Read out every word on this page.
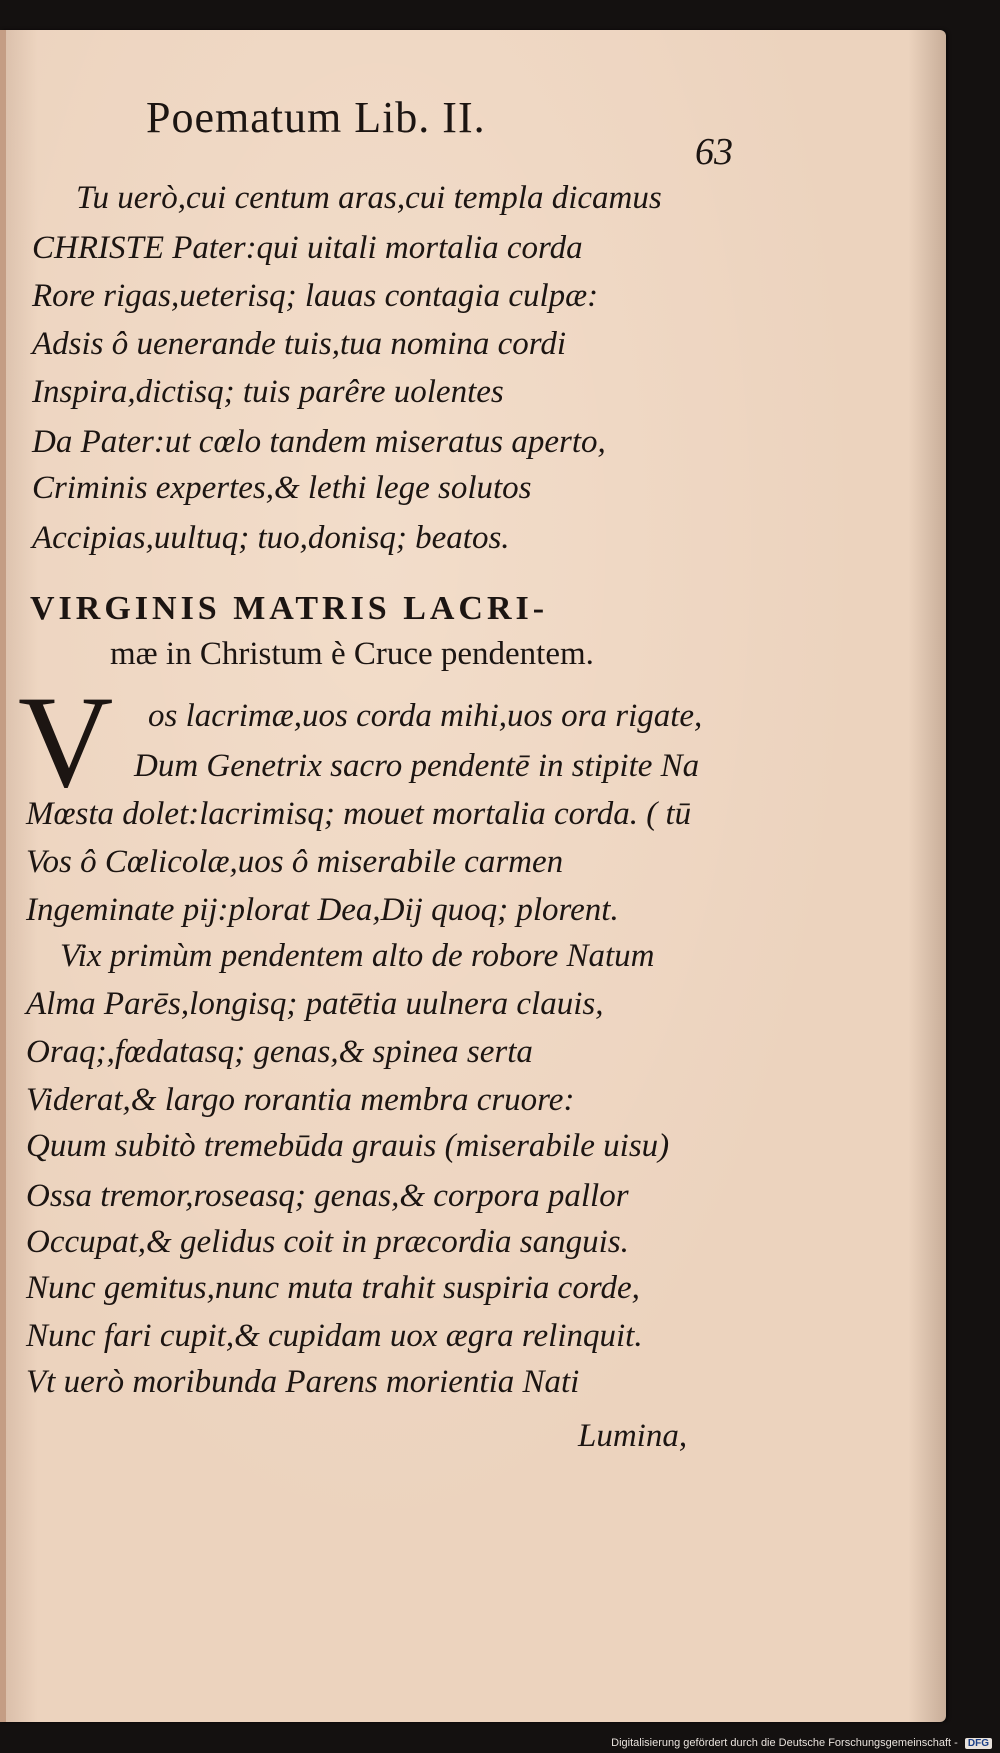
Poematum Lib. II.
63
Tu uerò,cui centum aras,cui templa dicamus
CHRISTE Pater:qui uitali mortalia corda
Rore rigas,ueterisq; lauas contagia culpæ:
Adsis ô uenerande tuis,tua nomina cordi
Inspira,dictisq; tuis parêre uolentes
Da Pater:ut cœlo tandem miseratus aperto,
Criminis expertes,& lethi lege solutos
Accipias,uultuq; tuo,donisq; beatos.
VIRGINIS MATRIS LACRI-
mæ in Christum è Cruce pendentem.
V os lacrimæ,uos corda mihi,uos ora rigate,
Dum Genetrix sacro pendentē in stipite Na
Mœsta dolet:lacrimisq; mouet mortalia corda. ( tū
Vos ô Cœlicolæ,uos ô miserabile carmen
Ingeminate pij:plorat Dea,Dij quoq; plorent.
Vix primùm pendentem alto de robore Natum
Alma Parēs,longisq; patētia uulnera clauis,
Oraq;,fœdatasq; genas,& spinea serta
Viderat,& largo rorantia membra cruore:
Quum subitò tremebūda grauis (miserabile uisu)
Ossa tremor,roseasq; genas,& corpora pallor
Occupat,& gelidus coit in præcordia sanguis.
Nunc gemitus,nunc muta trahit suspiria corde,
Nunc fari cupit,& cupidam uox ægra relinquit.
Vt uerò moribunda Parens morientia Nati
Lumina,
Digitalisierung gefördert durch die Deutsche Forschungsgemeinschaft - DFG
